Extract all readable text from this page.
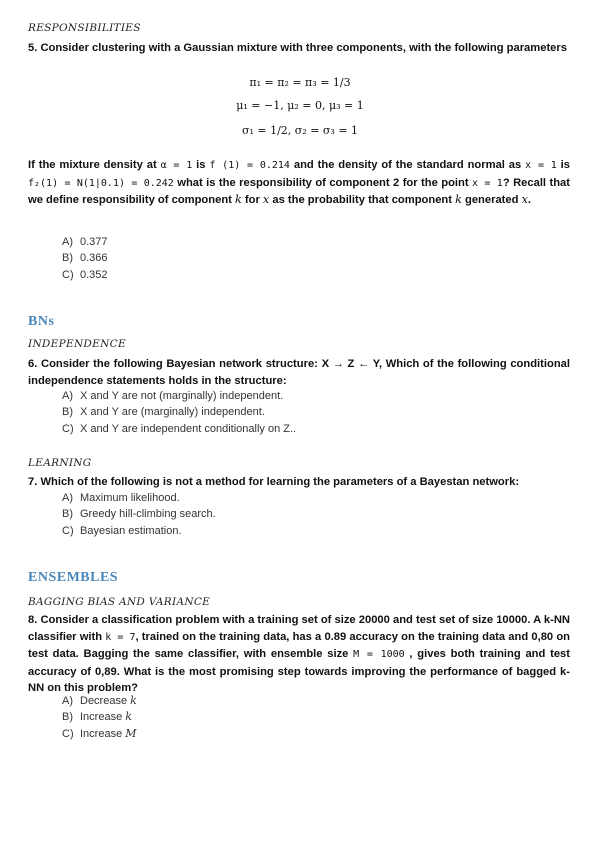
RESPONSIBILITIES
5. Consider clustering with a Gaussian mixture with three components, with the following parameters
π₁ = π₂ = π₃ = 1/3
μ₁ = −1, μ₂ = 0, μ₃ = 1
σ₁ = 1/2, σ₂ = σ₃ = 1
If the mixture density at α = 1 is f (1) = 0.214 and the density of the standard normal as x = 1 is f₂(1) = N(1|0.1) = 0.242 what is the responsibility of component 2 for the point x = 1? Recall that we define responsibility of component k for x as the probability that component k generated x.
A) 0.377
B) 0.366
C) 0.352
BNs
INDEPENDENCE
6. Consider the following Bayesian network structure: X → Z ← Y, Which of the following conditional independence statements holds in the structure:
A) X and Y are not (marginally) independent.
B) X and Y are (marginally) independent.
C) X and Y are independent conditionally on Z..
LEARNING
7. Which of the following is not a method for learning the parameters of a Bayestan network:
A) Maximum likelihood.
B) Greedy hill-climbing search.
C) Bayesian estimation.
ENSEMBLES
BAGGING BIAS AND VARIANCE
8. Consider a classification problem with a training set of size 20000 and test set of size 10000. A k-NN classifier with k = 7, trained on the training data, has a 0.89 accuracy on the training data and 0,80 on test data. Bagging the same classifier, with ensemble size M = 1000 , gives both training and test accuracy of 0,89. What is the most promising step towards improving the performance of bagged k-NN on this problem?
A) Decrease k
B) Increase k
C) Increase M
